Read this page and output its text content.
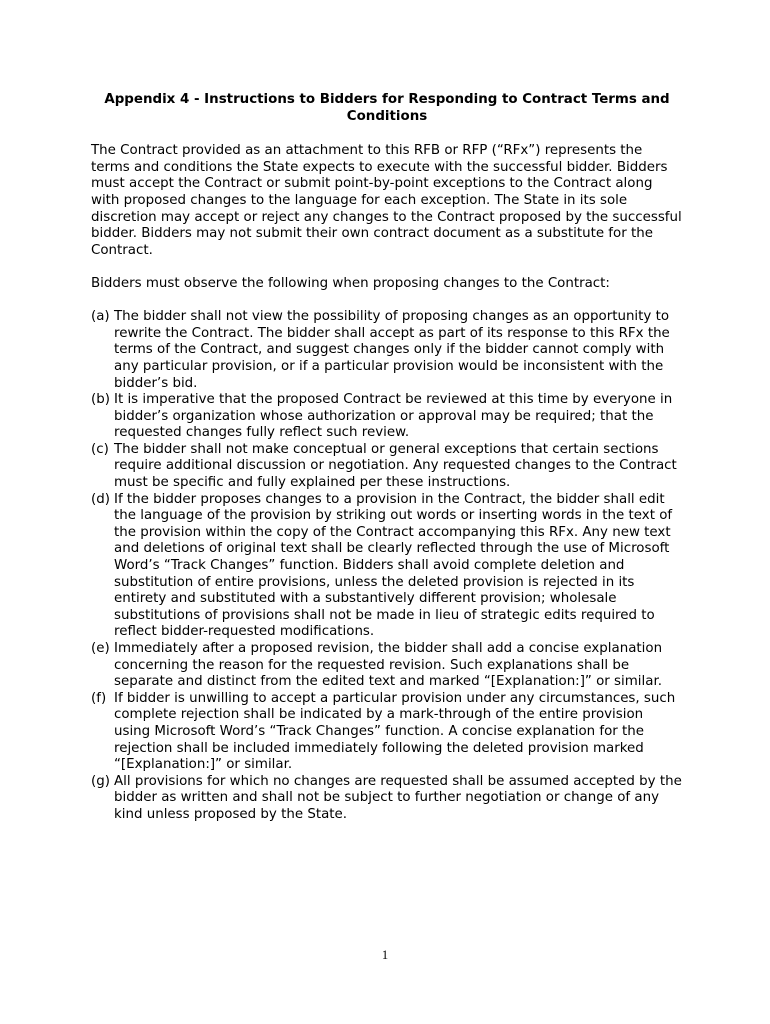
Appendix 4 - Instructions to Bidders for Responding to Contract Terms and Conditions

The Contract provided as an attachment to this RFB or RFP (“RFx”) represents the terms and conditions the State expects to execute with the successful bidder. Bidders must accept the Contract or submit point-by-point exceptions to the Contract along with proposed changes to the language for each exception. The State in its sole discretion may accept or reject any changes to the Contract proposed by the successful bidder. Bidders may not submit their own contract document as a substitute for the Contract.

Bidders must observe the following when proposing changes to the Contract:

(a) The bidder shall not view the possibility of proposing changes as an opportunity to rewrite the Contract. The bidder shall accept as part of its response to this RFx the terms of the Contract, and suggest changes only if the bidder cannot comply with any particular provision, or if a particular provision would be inconsistent with the bidder’s bid.
(b) It is imperative that the proposed Contract be reviewed at this time by everyone in bidder’s organization whose authorization or approval may be required; that the requested changes fully reflect such review.
(c) The bidder shall not make conceptual or general exceptions that certain sections require additional discussion or negotiation. Any requested changes to the Contract must be specific and fully explained per these instructions.
(d) If the bidder proposes changes to a provision in the Contract, the bidder shall edit the language of the provision by striking out words or inserting words in the text of the provision within the copy of the Contract accompanying this RFx. Any new text and deletions of original text shall be clearly reflected through the use of Microsoft Word’s “Track Changes” function. Bidders shall avoid complete deletion and substitution of entire provisions, unless the deleted provision is rejected in its entirety and substituted with a substantively different provision; wholesale substitutions of provisions shall not be made in lieu of strategic edits required to reflect bidder-requested modifications.
(e) Immediately after a proposed revision, the bidder shall add a concise explanation concerning the reason for the requested revision. Such explanations shall be separate and distinct from the edited text and marked “[Explanation:]” or similar.
(f) If bidder is unwilling to accept a particular provision under any circumstances, such complete rejection shall be indicated by a mark-through of the entire provision using Microsoft Word’s “Track Changes” function. A concise explanation for the rejection shall be included immediately following the deleted provision marked “[Explanation:]” or similar.
(g) All provisions for which no changes are requested shall be assumed accepted by the bidder as written and shall not be subject to further negotiation or change of any kind unless proposed by the State.
1
